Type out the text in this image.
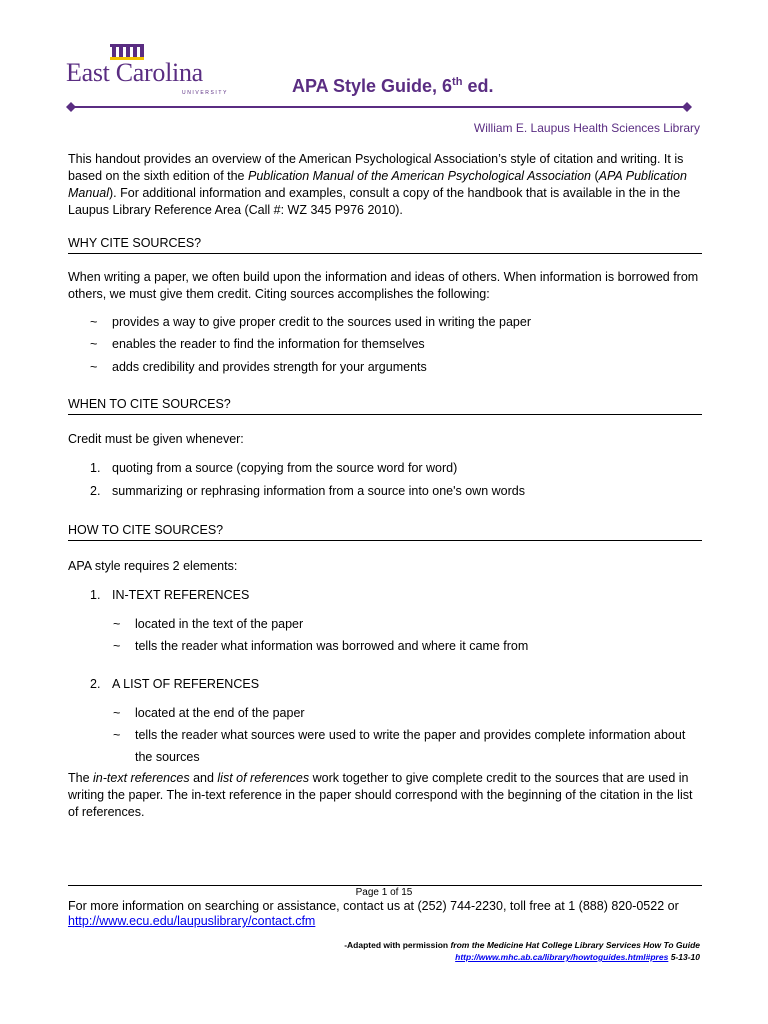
East Carolina
UNIVERSITY	APA Style Guide, 6th ed.
William E. Laupus Health Sciences Library
This handout provides an overview of the American Psychological Association’s style of citation and writing. It is based on the sixth edition of the Publication Manual of the American Psychological Association (APA Publication Manual). For additional information and examples, consult a copy of the handbook that is available in the in the Laupus Library Reference Area (Call #: WZ 345 P976 2010).
WHY CITE SOURCES?
When writing a paper, we often build upon the information and ideas of others. When information is borrowed from others, we must give them credit. Citing sources accomplishes the following:
~ provides a way to give proper credit to the sources used in writing the paper
~ enables the reader to find the information for themselves
~ adds credibility and provides strength for your arguments
WHEN TO CITE SOURCES?
Credit must be given whenever:
1. quoting from a source (copying from the source word for word)
2. summarizing or rephrasing information from a source into one's own words
HOW TO CITE SOURCES?
APA style requires 2 elements:
1. IN-TEXT REFERENCES
~ located in the text of the paper
~ tells the reader what information was borrowed and where it came from
2. A LIST OF REFERENCES
~ located at the end of the paper
~ tells the reader what sources were used to write the paper and provides complete information about the sources
The in-text references and list of references work together to give complete credit to the sources that are used in writing the paper. The in-text reference in the paper should correspond with the beginning of the citation in the list of references.
Page 1 of 15
For more information on searching or assistance, contact us at (252) 744-2230, toll free at 1 (888) 820-0522 or
http://www.ecu.edu/laupuslibrary/contact.cfm
-Adapted with permission from the Medicine Hat College Library Services How To Guide
http://www.mhc.ab.ca/library/howtoguides.html#pres 5-13-10
